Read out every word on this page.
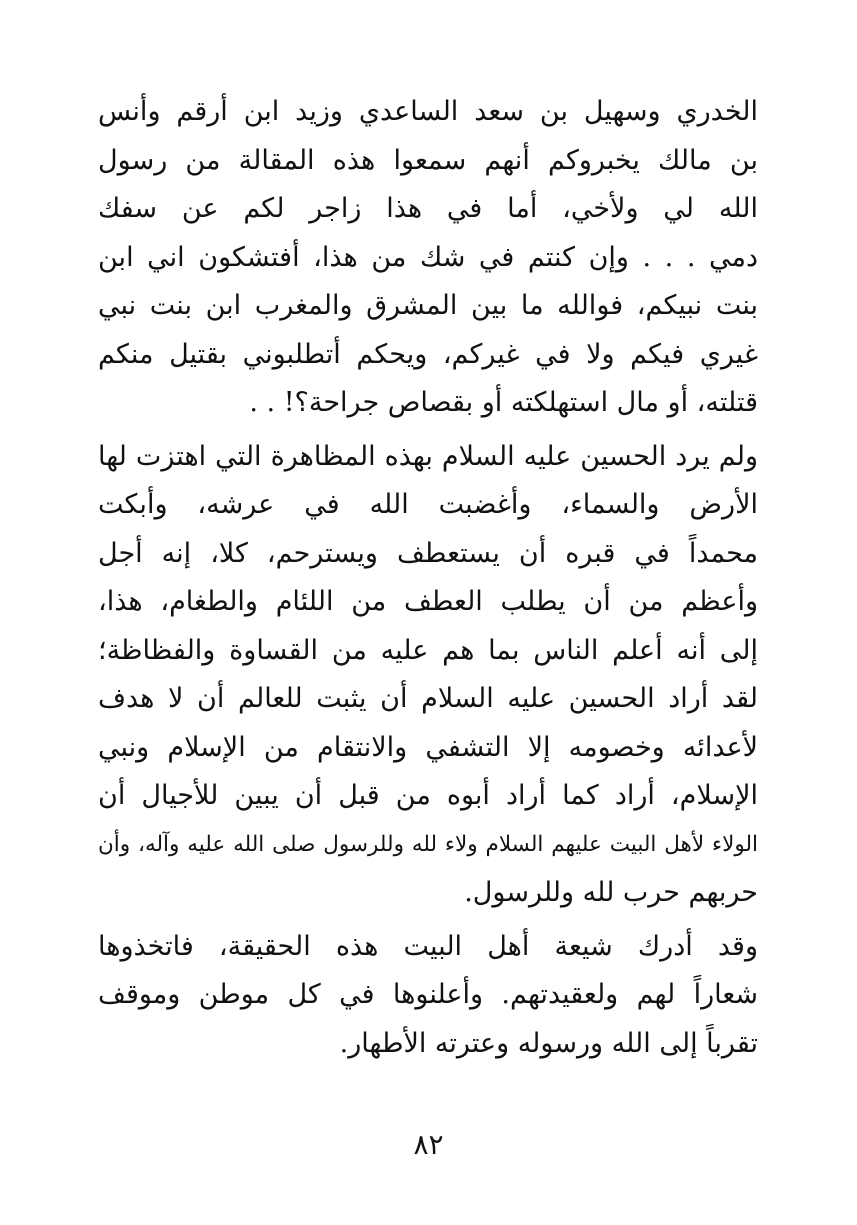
الخدري وسهيل بن سعد الساعدي وزيد ابن أرقم وأنس
بن مالك يخبروكم أنهم سمعوا هذه المقالة من رسول
الله لي ولأخي، أما في هذا زاجر لكم عن سفك
دمي . . . وإن كنتم في شك من هذا، أفتشكون اني ابن
بنت نبيكم، فوالله ما بين المشرق والمغرب ابن بنت نبي
غيري فيكم ولا في غيركم، ويحكم أتطلبوني بقتيل منكم
قتلته، أو مال استهلكته أو بقصاص جراحة؟! . .
ولم يرد الحسين عليه السلام بهذه المظاهرة التي اهتزت لها
الأرض والسماء، وأغضبت الله في عرشه، وأبكت
محمداً في قبره أن يستعطف ويسترحم، كلا، إنه أجل
وأعظم من أن يطلب العطف من اللئام والطغام، هذا،
إلى أنه أعلم الناس بما هم عليه من القساوة والفظاظة؛
لقد أراد الحسين عليه السلام أن يثبت للعالم أن لا هدف
لأعدائه وخصومه إلا التشفي والانتقام من الإسلام ونبي
الإسلام، أراد كما أراد أبوه من قبل أن يبين للأجيال أن
الولاء لأهل البيت عليهم السلام ولاء لله وللرسول صلى الله عليه وآله، وأن
حربهم حرب لله وللرسول.
وقد أدرك شيعة أهل البيت هذه الحقيقة، فاتخذوها
شعاراً لهم ولعقيدتهم. وأعلنوها في كل موطن وموقف
تقرباً إلى الله ورسوله وعترته الأطهار.
٨٢
